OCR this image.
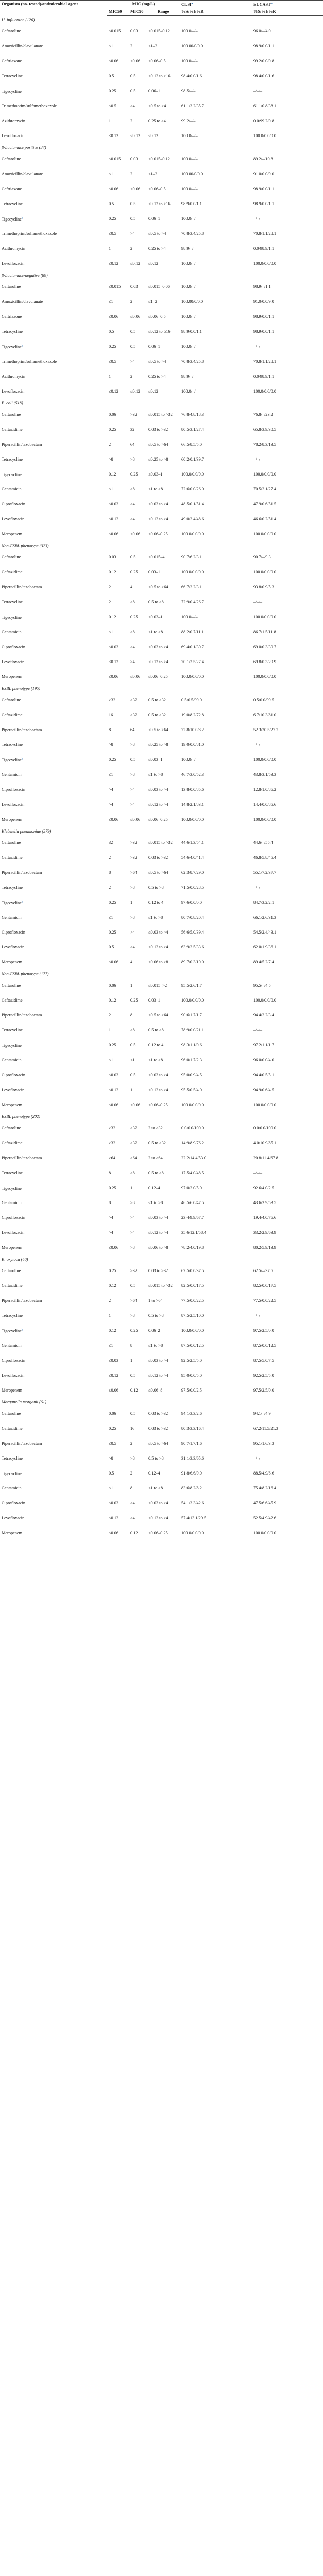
Organism (no. tested)/antimicrobial agent	MIC (mg/L)			CLSI$^a$	EUCAST$^a$
	MIC50	MIC90	Range	%S/%I/%R	%S/%I/%R
H. influenzae (126)					
Ceftaroline	≤0.015	0.03	≤0.015–0.12	100.0/–/–	96.0/–/4.0
Amoxicillin/clavulanate	≤1	2	≤1–2	100.00/0/0.0	98.9/0.0/1.1
Ceftriaxone	≤0.06	≤0.06	≤0.06–0.5	100.0/–/–	99.2/0.0/0.8
Tetracycline	0.5	0.5	≤0.12 to ≥16	98.4/0.0/1.6	98.4/0.0/1.6
Tigecycline$^b$	0.25	0.5	0.06–1	98.5/–/–	–/–/–
Trimethoprim/sulfamethoxazole	≤0.5	>4	≤0.5 to >4	61.1/3.2/35.7	61.1/0.8/38.1
Azithromycin	1	2	0.25 to >4	99.2/–/–	0.0/99.2/0.8
Levofloxacin	≤0.12	≤0.12	≤0.12	100.0/–/–	100.0/0.0/0.0
β-Lactamase positive (37)					
Ceftaroline	≤0.015	0.03	≤0.015–0.12	100.0/–/–	89.2/–/10.8
Amoxicillin/clavulanate	≤1	2	≤1–2	100.00/0/0.0	91.0/0.0/9.0
Ceftriaxone	≤0.06	≤0.06	≤0.06–0.5	100.0/–/–	98.9/0.0/1.1
Tetracycline	0.5	0.5	≤0.12 to ≥16	98.9/0.0/1.1	98.9/0.0/1.1
Tigecycline$^b$	0.25	0.5	0.06–1	100.0/–/–	–/–/–
Trimethoprim/sulfamethoxazole	≤0.5	>4	≤0.5 to >4	70.8/3.4/25.8	70.8/1.1/28.1
Azithromycin	1	2	0.25 to >4	98.9/–/–	0.0/98.9/1.1
Levofloxacin	≤0.12	≤0.12	≤0.12	100.0/–/–	100.0/0.0/0.0
β-Lactamase-negative (89)					
Ceftaroline	≤0.015	0.03	≤0.015–0.06	100.0/–/–	98.9/–/1.1
Amoxicillin/clavulanate	≤1	2	≤1–2	100.00/0/0.0	91.0/0.0/9.0
Ceftriaxone	≤0.06	≤0.06	≤0.06–0.5	100.0/–/–	98.9/0.0/1.1
Tetracycline	0.5	0.5	≤0.12 to ≥16	98.9/0.0/1.1	98.9/0.0/1.1
Tigecycline$^b$	0.25	0.5	0.06–1	100.0/–/–	–/–/–
Trimethoprim/sulfamethoxazole	≤0.5	>4	≤0.5 to >4	70.8/3.4/25.8	70.8/1.1/28.1
Azithromycin	1	2	0.25 to >4	98.9/–/–	0.0/98.9/1.1
Levofloxacin	≤0.12	≤0.12	≤0.12	100.0/–/–	100.0/0.0/0.0
E. coli (518)					
Ceftaroline	0.06	>32	≤0.015 to >32	76.8/4.8/18.3	76.8/–/23.2
Ceftazidime	0.25	32	0.03 to >32	80.5/3.1/27.4	65.8/3.9/30.5
Piperacillin/tazobactam	2	64	≤0.5 to >64	66.5/8.5/5.0	78.2/8.3/13.5
Tetracycline	>8	>8	≤0.25 to >8	60.2/0.1/39.7	–/–/–
Tigecycline$^b$	0.12	0.25	≤0.03–1	100.0/0.0/0.0	100.0/0.0/0.0
Gentamicin	≤1	>8	≤1 to >8	72.6/0.0/26.0	70.5/2.1/27.4
Ciprofloxacin	≤0.03	>4	≤0.03 to >4	48.5/0.1/51.4	47.9/0.6/51.5
Levofloxacin	≤0.12	>4	≤0.12 to >4	49.0/2.4/48.6	46.6/0.2/51.4
Meropenem	≤0.06	≤0.06	≤0.06–0.25	100.0/0.0/0.0	100.0/0.0/0.0
Non-ESBL phenotype (323)					
Ceftaroline	0.03	0.5	≤0.015–4	90.7/6.2/3.1	90.7/–/9.3
Ceftazidime	0.12	0.25	0.03–1	100.0/0.0/0.0	100.0/0.0/0.0
Piperacillin/tazobactam	2	4	≤0.5 to >64	66.7/2.2/3.1	93.8/0.9/5.3
Tetracycline	2	>8	0.5 to >8	72.9/0.4/26.7	–/–/–
Tigecycline$^b$	0.12	0.25	≤0.03–1	100.0/–/–	100.0/0.0/0.0
Gentamicin	≤1	>8	≤1 to >8	88.2/0.7/11.1	86.7/1.5/11.8
Ciprofloxacin	≤0.03	>4	≤0.03 to >4	69.4/0.1/30.7	69.0/0.3/30.7
Levofloxacin	≤0.12	>4	≤0.12 to >4	70.1/2.5/27.4	69.8/0.3/29.9
Meropenem	≤0.06	≤0.06	≤0.06–0.25	100.0/0.0/0.0	100.0/0.0/0.0
ESBL phenotype (195)					
Ceftaroline	>32	>32	0.5 to >32	0.5/0.5/99.0	0.5/0.0/99.5
Ceftazidime	16	>32	0.5 to >32	19.0/8.2/72.8	6.7/10.3/81.0
Piperacillin/tazobactam	8	64	≤0.5 to >64	72.8/10.0/8.2	52.3/20.5/27.2
Tetracycline	>8	>8	≤0.25 to >8	19.0/0.0/81.0	–/–/–
Tigecycline$^b$	0.25	0.5	≤0.03–1	100.0/–/–	100.0/0.0/0.0
Gentamicin	≤1	>8	≤1 to >8	46.7/3.0/52.3	43.8/3.1/53.3
Ciprofloxacin	>4	>4	≤0.03 to >4	13.8/0.0/85.6	12.8/1.0/86.2
Levofloxacin	>4	>4	≤0.12 to >4	14.8/2.1/83.1	14.4/0.0/85.6
Meropenem	≤0.06	≤0.06	≤0.06–0.25	100.0/0.0/0.0	100.0/0.0/0.0
Klebsiella pneumoniae (379)					
Ceftaroline	32	>32	≤0.015 to >32	44.6/1.3/54.1	44.6/–/55.4
Ceftazidime	2	>32	0.03 to >32	54.6/4.0/41.4	46.8/5.8/45.4
Piperacillin/tazobactam	8	>64	≤0.5 to >64	62.3/8.7/29.0	55.1/7.2/37.7
Tetracycline	2	>8	0.5 to >8	71.5/0.0/28.5	–/–/–
Tigecycline$^b$	0.25	1	0.12 to 4	97.6/0.0/0.0	84.7/3.2/2.1
Gentamicin	≤1	>8	≤1 to >8	80.7/0.8/20.4	66.1/2.6/31.3
Ciprofloxacin	0.25	>4	≤0.03 to >4	56.6/5.0/39.4	54.5/2.4/43.1
Levofloxacin	0.5	>4	≤0.12 to >4	63.9/2.5/33.6	62.0/1.9/36.1
Meropenem	≤0.06	4	≤0.06 to >8	89.7/0.3/10.0	89.4/5.2/7.4
Non-ESBL phenotype (177)					
Ceftaroline	0.06	1	≤0.015–>2	95.5/2.6/1.7	95.5/–/4.5
Ceftazidime	0.12	0.25	0.03–1	100.0/0.0/0.0	100.0/0.0/0.0
Piperacillin/tazobactam	2	8	≤0.5 to >64	90.6/1.7/1.7	94.4/2.2/3.4
Tetracycline	1	>8	0.5 to >8	78.9/0.0/21.1	–/–/–
Tigecycline$^b$	0.25	0.5	0.12 to 4	98.3/1.1/0.6	97.2/1.1/1.7
Gentamicin	≤1	≤1	≤1 to >8	96.0/1.7/2.3	96.0/0.0/4.0
Ciprofloxacin	≤0.03	0.5	≤0.03 to >4	95.0/0.9/4.5	94.4/0.5/5.1
Levofloxacin	≤0.12	1	≤0.12 to >4	95.5/0.5/4.0	94.9/0.6/4.5
Meropenem	≤0.06	≤0.06	≤0.06–0.25	100.0/0.0/0.0	100.0/0.0/0.0
ESBL phenotype (202)					
Ceftaroline	>32	>32	2 to >32	0.0/0.0/100.0	0.0/0.0/100.0
Ceftazidime	>32	>32	0.5 to >32	14.9/8.9/76.2	4.0/10.9/85.1
Piperacillin/tazobactam	>64	>64	2 to >64	22.2/14.4/53.0	20.8/11.4/67.8
Tetracycline	8	>8	0.5 to >8	17.5/4.0/48.5	–/–/–
Tigecycline$^c$	0.25	1	0.12–4	97.0/2.0/5.0	92.6/4.0/2.5
Gentamicin	8	>8	≤1 to >8	46.5/6.0/47.5	43.6/2.9/53.5
Ciprofloxacin	>4	>4	≤0.03 to >4	23.4/9.9/67.7	19.4/4.0/76.6
Levofloxacin	>4	>4	≤0.12 to >4	35.6/12.1/58.4	33.2/2.9/63.9
Meropenem	≤0.06	>8	≤0.06 to >8	78.2/4.0/19.8	80.2/5.9/13.9
K. oxytoca (40)					
Ceftaroline	0.25	>32	0.03 to >32	62.5/0.0/37.5	62.5/–/37.5
Ceftazidime	0.12	0.5	≤0.015 to >32	82.5/0.0/17.5	82.5/0.0/17.5
Piperacillin/tazobactam	2	>64	1 to >64	77.5/0.0/22.5	77.5/0.0/22.5
Tetracycline	1	>8	0.5 to >8	87.5/2.5/10.0	–/–/–
Tigecycline$^b$	0.12	0.25	0.06–2	100.0/0.0/0.0	97.5/2.5/0.0
Gentamicin	≤1	8	≤1 to >8	87.5/0.0/12.5	87.5/0.0/12.5
Ciprofloxacin	≤0.03	1	≤0.03 to >4	92.5/2.5/5.0	87.5/5.0/7.5
Levofloxacin	≤0.12	0.5	≤0.12 to >4	95.0/0.0/5.0	92.5/2.5/5.0
Meropenem	≤0.06	0.12	≤0.06–8	97.5/0.0/2.5	97.5/2.5/0.0
Morganella morganii (61)					
Ceftaroline	0.06	0.5	0.03 to >32	94.1/3.3/2.6	94.1/–/4.9
Ceftazidime	0.25	16	0.03 to >32	80.3/3.3/16.4	67.2/11.5/21.3
Piperacillin/tazobactam	≤0.5	2	≤0.5 to >64	90.7/1.7/1.6	95.1/1.6/3.3
Tetracycline	>8	>8	0.5 to >8	31.1/3.3/65.6	–/–/–
Tigecycline$^b$	0.5	2	0.12–4	91.8/6.6/0.0	88.5/4.9/6.6
Gentamicin	≤1	8	≤1 to >8	83.6/8.2/8.2	75.4/8.2/16.4
Ciprofloxacin	≤0.03	>4	≤0.03 to >4	54.1/3.3/42.6	47.5/6.6/45.9
Levofloxacin	≤0.12	>4	≤0.12 to >4	57.4/13.1/29.5	52.5/4.9/42.6
Meropenem	≤0.06	0.12	≤0.06–0.25	100.0/0.0/0.0	100.0/0.0/0.0
